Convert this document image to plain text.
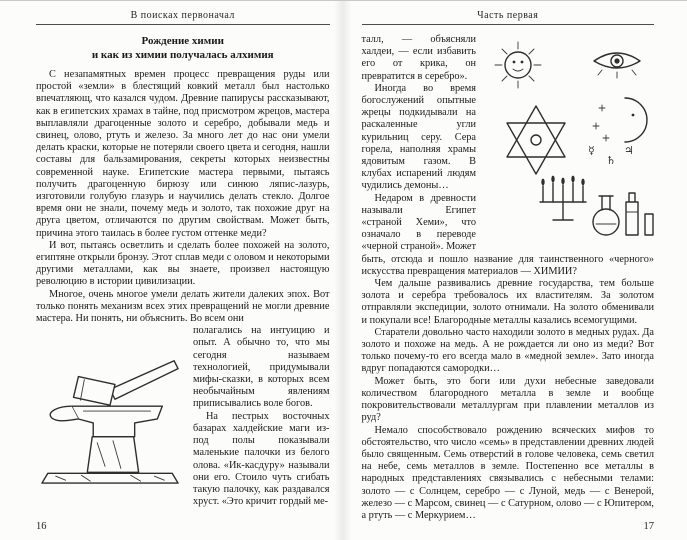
В поисках первоначал
Рождение химии
и как из химии получалась алхимия

С незапамятных времен процесс превращения руды или простой «земли» в блестящий ковкий металл был настолько впечатляющ, что казался чудом. Древние папирусы рассказывают, как в египетских храмах в тайне, под присмотром жрецов, мастера выплавляли драгоценные золото и серебро, добывали медь и свинец, олово, ртуть и железо. За много лет до нас они умели делать краски, которые не потеряли своего цвета и сегодня, нашли составы для бальзамирования, секреты которых неизвестны современной науке. Египетские мастера первыми, пытаясь получить драгоценную бирюзу или синюю ляпис-лазурь, изготовили голубую глазурь и научились делать стекло. Долгое время они не знали, почему медь и золото, так похожие друг на друга цветом, отличаются по другим свойствам. Может быть, причина этого таилась в более густом оттенке меди?

И вот, пытаясь осветлить и сделать более похожей на золото, египтяне открыли бронзу. Этот сплав меди с оловом и некоторыми другими металлами, как вы знаете, произвел настоящую революцию в истории цивилизации.

Многое, очень многое умели делать жители далеких эпох. Вот только понять механизм всех этих превращений не могли древние мастера. Ни понять, ни объяснить. Во всем они

полагались на интуицию и опыт. А обычно то, что мы сегодня называем технологией, придумывали мифы-сказки, в которых всем необычайным явлениям приписывались воле богов.

На пестрых восточных базарах халдейские маги из-под полы показывали маленькие палочки из белого олова. «Ик-касдуру» называли они его. Стоило чуть сгибать такую палочку, как раздавался хруст. «Это кричит гордый ме-

16
Часть первая
☿
♄
♃

талл, — объясняли халдеи, — если избавить его от крика, он превратится в серебро».

Иногда во время богослужений опытные жрецы подкидывали на раскаленные угли курильниц серу. Сера горела, наполняя храмы ядовитым газом. В клубах испарений людям чудились демоны…

Недаром в древности называли Египет «страной Хеми», что означало в переводе «черной страной». Может быть, отсюда и пошло название для таинственного «черного» искусства превращения материалов — ХИМИИ?

Чем дальше развивались древние государства, тем больше золота и серебра требовалось их властителям. За золотом отправляли экспедиции, золото отнимали. На золото обменивали и покупали все! Благородные металлы казались всемогущими.

Старатели довольно часто находили золото в медных рудах. Да золото и похоже на медь. А не рождается ли оно из меди? Вот только почему-то его всегда мало в «медной земле». Зато иногда вдруг попадаются самородки…

Может быть, это боги или духи небесные заведовали количеством благородного металла в земле и вообще покровительствовали металлургам при плавлении металлов из руд?

Немало способствовало рождению всяческих мифов то обстоятельство, что число «семь» в представлении древних людей было священным. Семь отверстий в голове человека, семь светил на небе, семь металлов в земле. Постепенно все металлы в народных представлениях связывались с небесными телами: золото — с Солнцем, серебро — с Луной, медь — с Венерой, железо — с Марсом, свинец — с Сатурном, олово — с Юпитером, а ртуть — с Меркурием…

17
